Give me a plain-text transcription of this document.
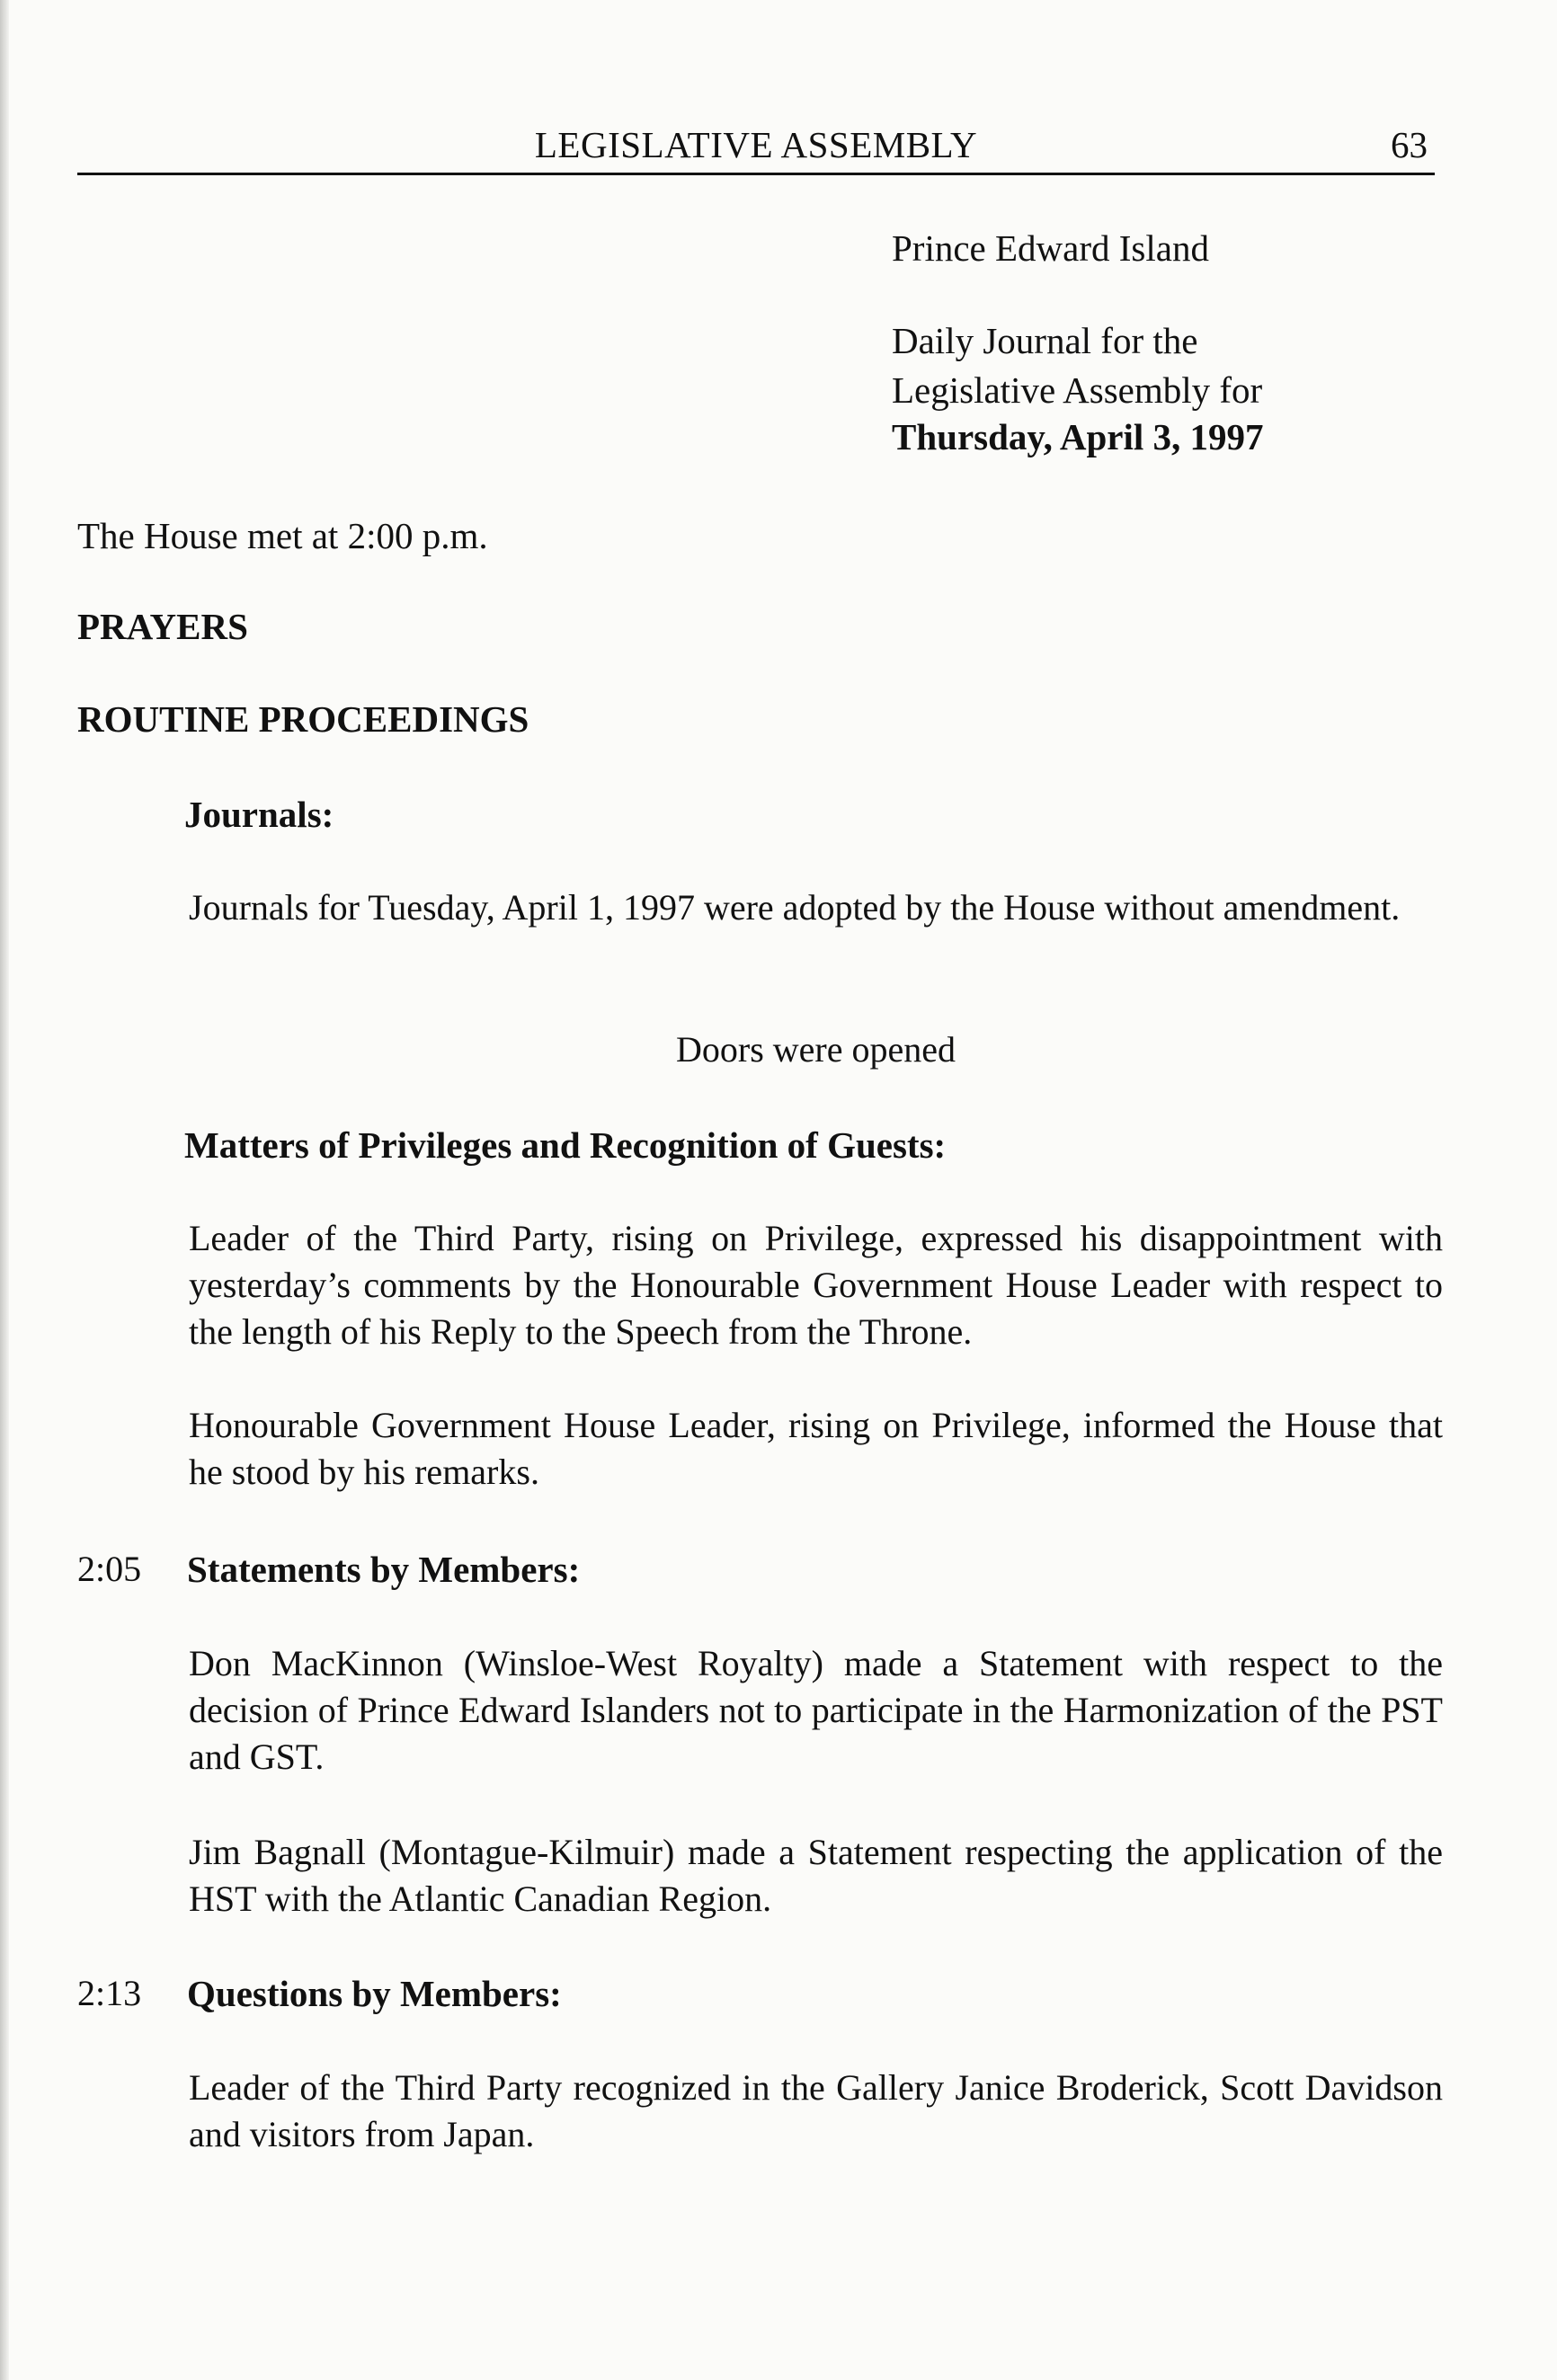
LEGISLATIVE ASSEMBLY	63
Prince Edward Island
Daily Journal for the
Legislative Assembly for
Thursday, April 3, 1997
The House met at 2:00 p.m.
PRAYERS
ROUTINE PROCEEDINGS
Journals:
Journals for Tuesday, April 1, 1997 were adopted by the House without amendment.
Doors were opened
Matters of Privileges and Recognition of Guests:
Leader of the Third Party, rising on Privilege, expressed his disappointment with yesterday’s comments by the Honourable Government House Leader with respect to the length of his Reply to the Speech from the Throne.
Honourable Government House Leader, rising on Privilege, informed the House that he stood by his remarks.
2:05 Statements by Members:
Don MacKinnon (Winsloe-West Royalty) made a Statement with respect to the decision of Prince Edward Islanders not to participate in the Harmonization of the PST and GST.
Jim Bagnall (Montague-Kilmuir) made a Statement respecting the application of the HST with the Atlantic Canadian Region.
2:13 Questions by Members:
Leader of the Third Party recognized in the Gallery Janice Broderick, Scott Davidson and visitors from Japan.
